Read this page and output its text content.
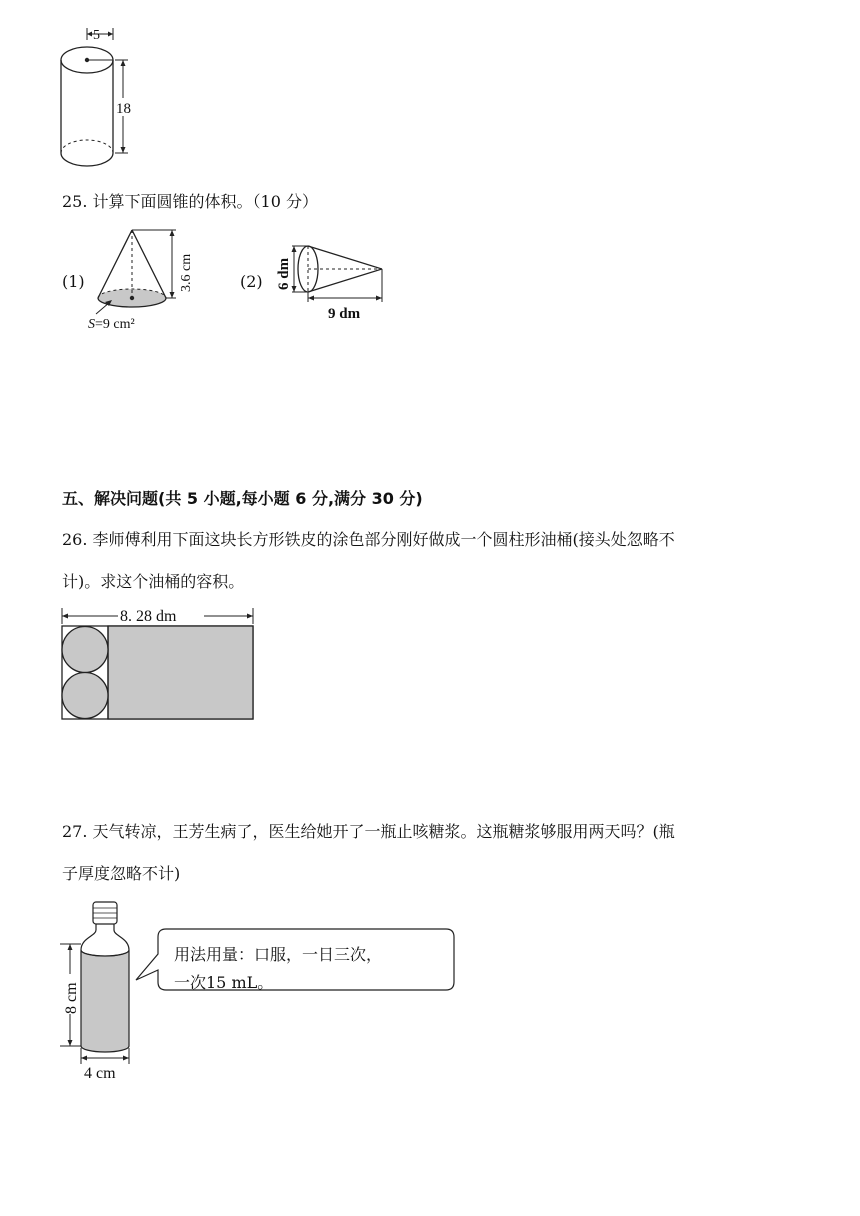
5
18
25. 计算下面圆锥的体积。（10 分）
(1)	3.6 cm
S=9 cm²
(2) 6 dm
9 dm
五、解决问题(共 5 小题,每小题 6 分,满分 30 分)
26. 李师傅利用下面这块长方形铁皮的涂色部分刚好做成一个圆柱形油桶(接头处忽略不
计)。求这个油桶的容积。
8. 28 dm
27. 天气转凉，王芳生病了，医生给她开了一瓶止咳糖浆。这瓶糖浆够服用两天吗？(瓶
子厚度忽略不计)
8 cm
4 cm
用法用量：口服，一日三次，
一次15 mL。
